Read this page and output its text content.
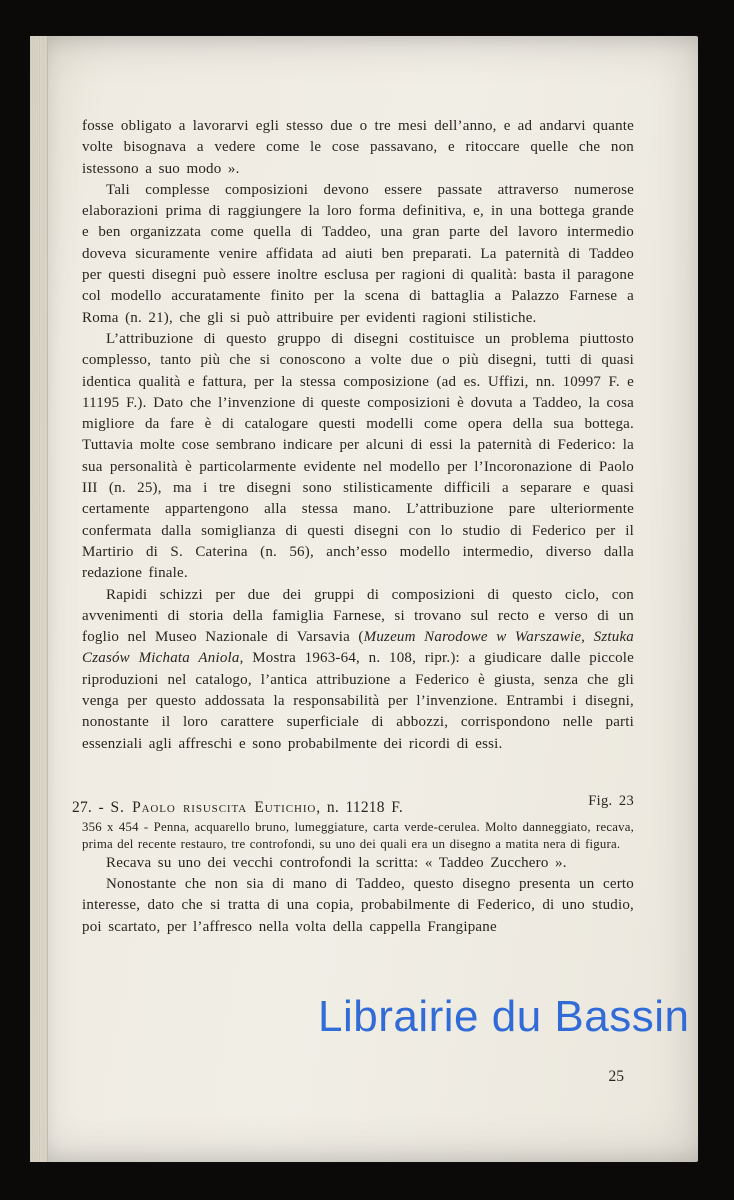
fosse obligato a lavorarvi egli stesso due o tre mesi dell’anno, e ad andarvi quante volte bisognava a vedere come le cose passavano, e ritoccare quelle che non istessono a suo modo ».

Tali complesse composizioni devono essere passate attraverso numerose elaborazioni prima di raggiungere la loro forma definitiva, e, in una bottega grande e ben organizzata come quella di Taddeo, una gran parte del lavoro intermedio doveva sicuramente venire affidata ad aiuti ben preparati. La paternità di Taddeo per questi disegni può essere inoltre esclusa per ragioni di qualità: basta il paragone col modello accuratamente finito per la scena di battaglia a Palazzo Farnese a Roma (n. 21), che gli si può attribuire per evidenti ragioni stilistiche.

L’attribuzione di questo gruppo di disegni costituisce un problema piuttosto complesso, tanto più che si conoscono a volte due o più disegni, tutti di quasi identica qualità e fattura, per la stessa composizione (ad es. Uffizi, nn. 10997 F. e 11195 F.). Dato che l’invenzione di queste composizioni è dovuta a Taddeo, la cosa migliore da fare è di catalogare questi modelli come opera della sua bottega. Tuttavia molte cose sembrano indicare per alcuni di essi la paternità di Federico: la sua personalità è particolarmente evidente nel modello per l’Incoronazione di Paolo III (n. 25), ma i tre disegni sono stilisticamente difficili a separare e quasi certamente appartengono alla stessa mano. L’attribuzione pare ulteriormente confermata dalla somiglianza di questi disegni con lo studio di Federico per il Martirio di S. Caterina (n. 56), anch’esso modello intermedio, diverso dalla redazione finale.

Rapidi schizzi per due dei gruppi di composizioni di questo ciclo, con avvenimenti di storia della famiglia Farnese, si trovano sul recto e verso di un foglio nel Museo Nazionale di Varsavia (Muzeum Narodowe w Warszawie, Sztuka Czasów Michata Aniola, Mostra 1963-64, n. 108, ripr.): a giudicare dalle piccole riproduzioni nel catalogo, l’antica attribuzione a Federico è giusta, senza che gli venga per questo addossata la responsabilità per l’invenzione. Entrambi i disegni, nonostante il loro carattere superficiale di abbozzi, corrispondono nelle parti essenziali agli affreschi e sono probabilmente dei ricordi di essi.

27. - S. Paolo risuscita Eutichio, n. 11218 F.	Fig. 23

356 x 454 - Penna, acquarello bruno, lumeggiature, carta verde-cerulea. Molto danneggiato, recava, prima del recente restauro, tre controfondi, su uno dei quali era un disegno a matita nera di figura.

Recava su uno dei vecchi controfondi la scritta: « Taddeo Zucchero ».

Nonostante che non sia di mano di Taddeo, questo disegno presenta un certo interesse, dato che si tratta di una copia, probabilmente di Federico, di uno studio, poi scartato, per l’affresco nella volta della cappella Frangipane

25
Librairie du Bassin
